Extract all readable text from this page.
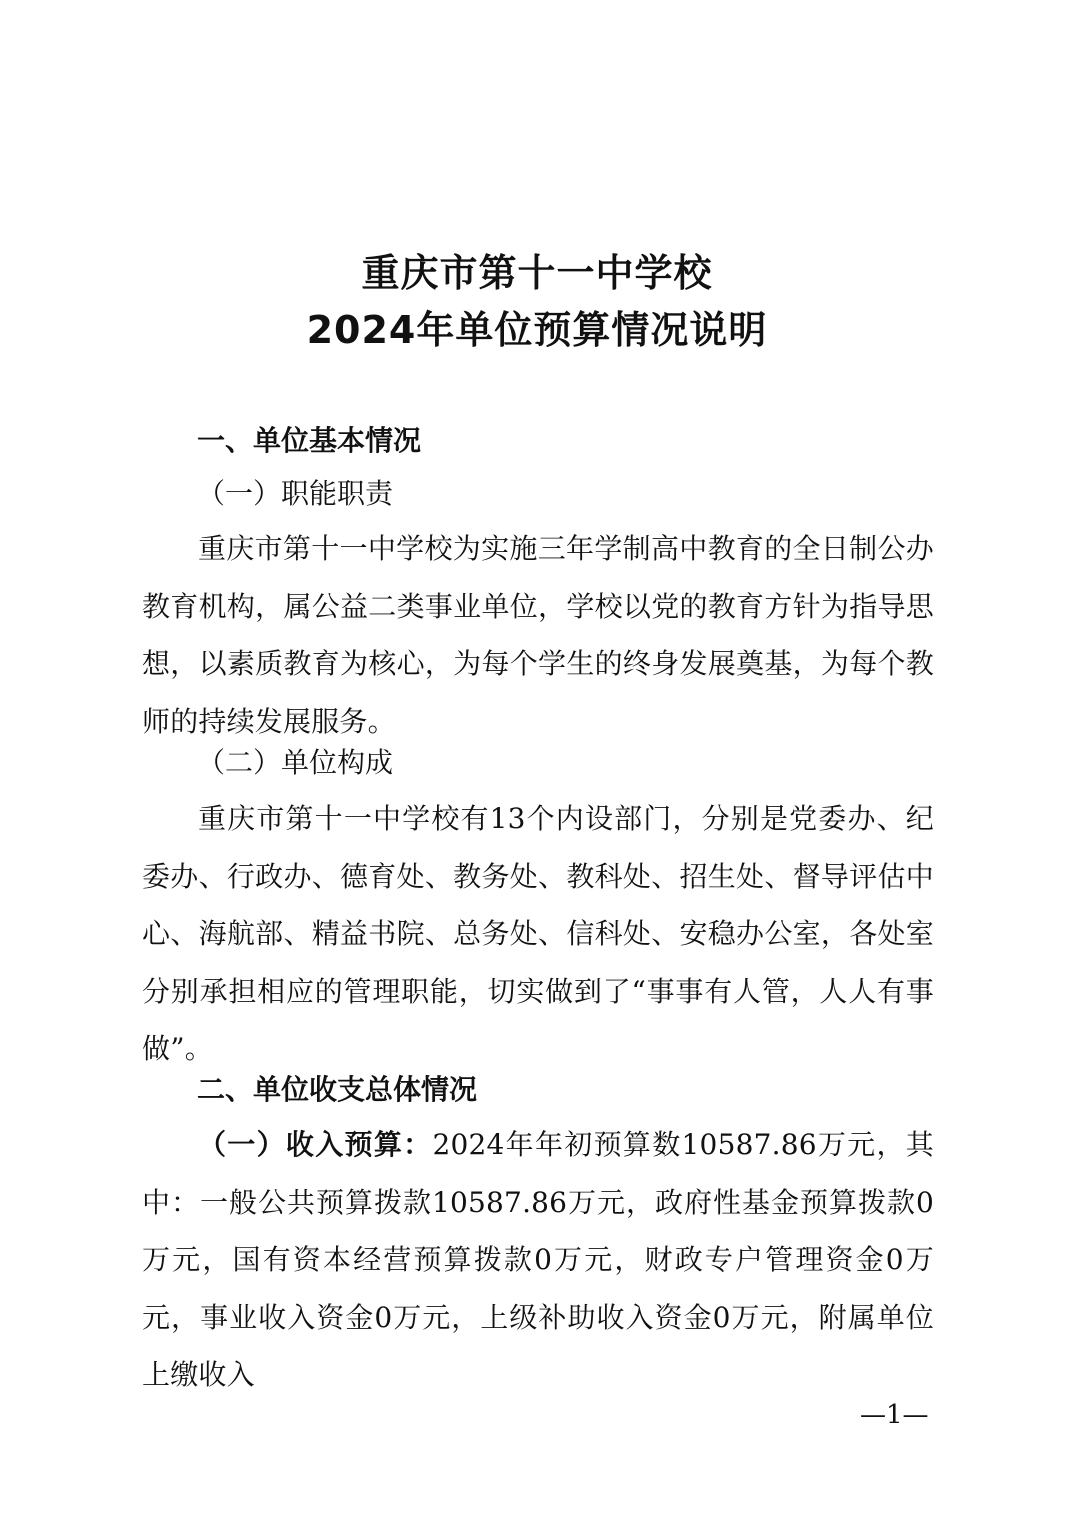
重庆市第十一中学校
2024年单位预算情况说明
一、单位基本情况
（一）职能职责
重庆市第十一中学校为实施三年学制高中教育的全日制公办教育机构，属公益二类事业单位，学校以党的教育方针为指导思想，以素质教育为核心，为每个学生的终身发展奠基，为每个教师的持续发展服务。
（二）单位构成
重庆市第十一中学校有13个内设部门，分别是党委办、纪委办、行政办、德育处、教务处、教科处、招生处、督导评估中心、海航部、精益书院、总务处、信科处、安稳办公室，各处室分别承担相应的管理职能，切实做到了“事事有人管，人人有事做”。
二、单位收支总体情况
（一）收入预算：2024年年初预算数10587.86万元，其中：一般公共预算拨款10587.86万元，政府性基金预算拨款0万元，国有资本经营预算拨款0万元，财政专户管理资金0万元，事业收入资金0万元，上级补助收入资金0万元，附属单位上缴收入
—1—
